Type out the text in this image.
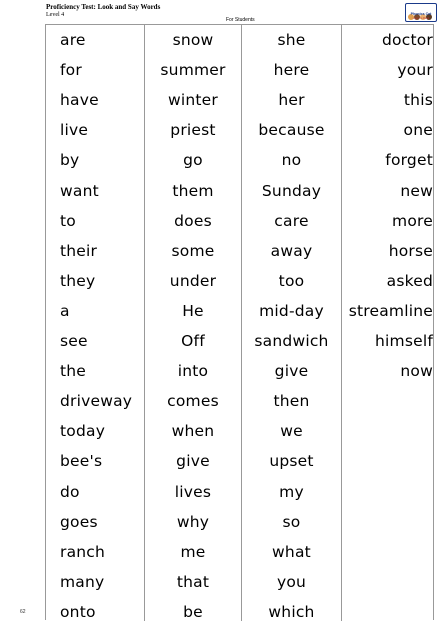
Proficiency Test: Look and Say Words
Level 4
For Students
Phonics Cat
Learn to Read
are
for
have
live
by
want
to
their
they
a
see
the
driveway
today
bee's
do
goes
ranch
many
onto
snow
summer
winter
priest
go
them
does
some
under
He
Off
into
comes
when
give
lives
why
me
that
be
she
here
her
because
no
Sunday
care
away
too
mid-day
sandwich
give
then
we
upset
my
so
what
you
which
doctor
your
this
one
forget
new
more
horse
asked
streamline
himself
now
62
